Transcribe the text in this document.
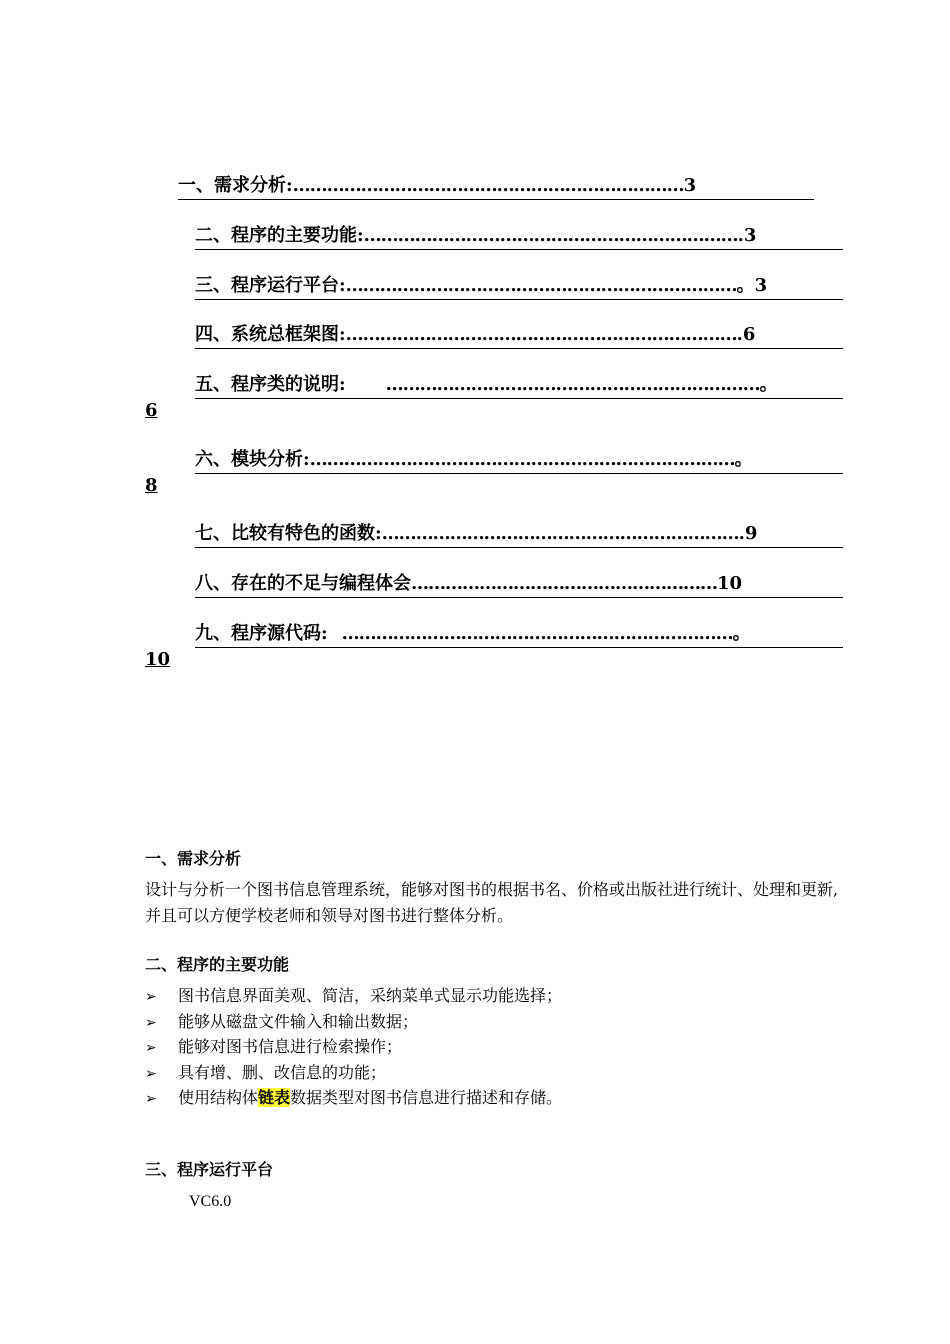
一、需求分析:……………………………………………………………3
二、程序的主要功能:………………………………………………………….3
三、程序运行平台:……………………………………………………………。3
四、系统总框架图:…………………………………………………………….6
五、程序类的说明: …………………………………………………………。
6
六、模块分析:…………………………………………………………………。
8
七、比较有特色的函数:……………………………………………………….9
八、存在的不足与编程体会………………………………………………10
九、程序源代码: ……………………………………………………………。
10
一、需求分析
设计与分析一个图书信息管理系统，能够对图书的根据书名、价格或出版社进行统计、处理和更新,并且可以方便学校老师和领导对图书进行整体分析。
二、程序的主要功能
➢ 图书信息界面美观、简洁，采纳菜单式显示功能选择；
➢ 能够从磁盘文件输入和输出数据；
➢ 能够对图书信息进行检索操作；
➢ 具有增、删、改信息的功能；
➢ 使用结构体链表数据类型对图书信息进行描述和存储。
三、程序运行平台
VC6.0
